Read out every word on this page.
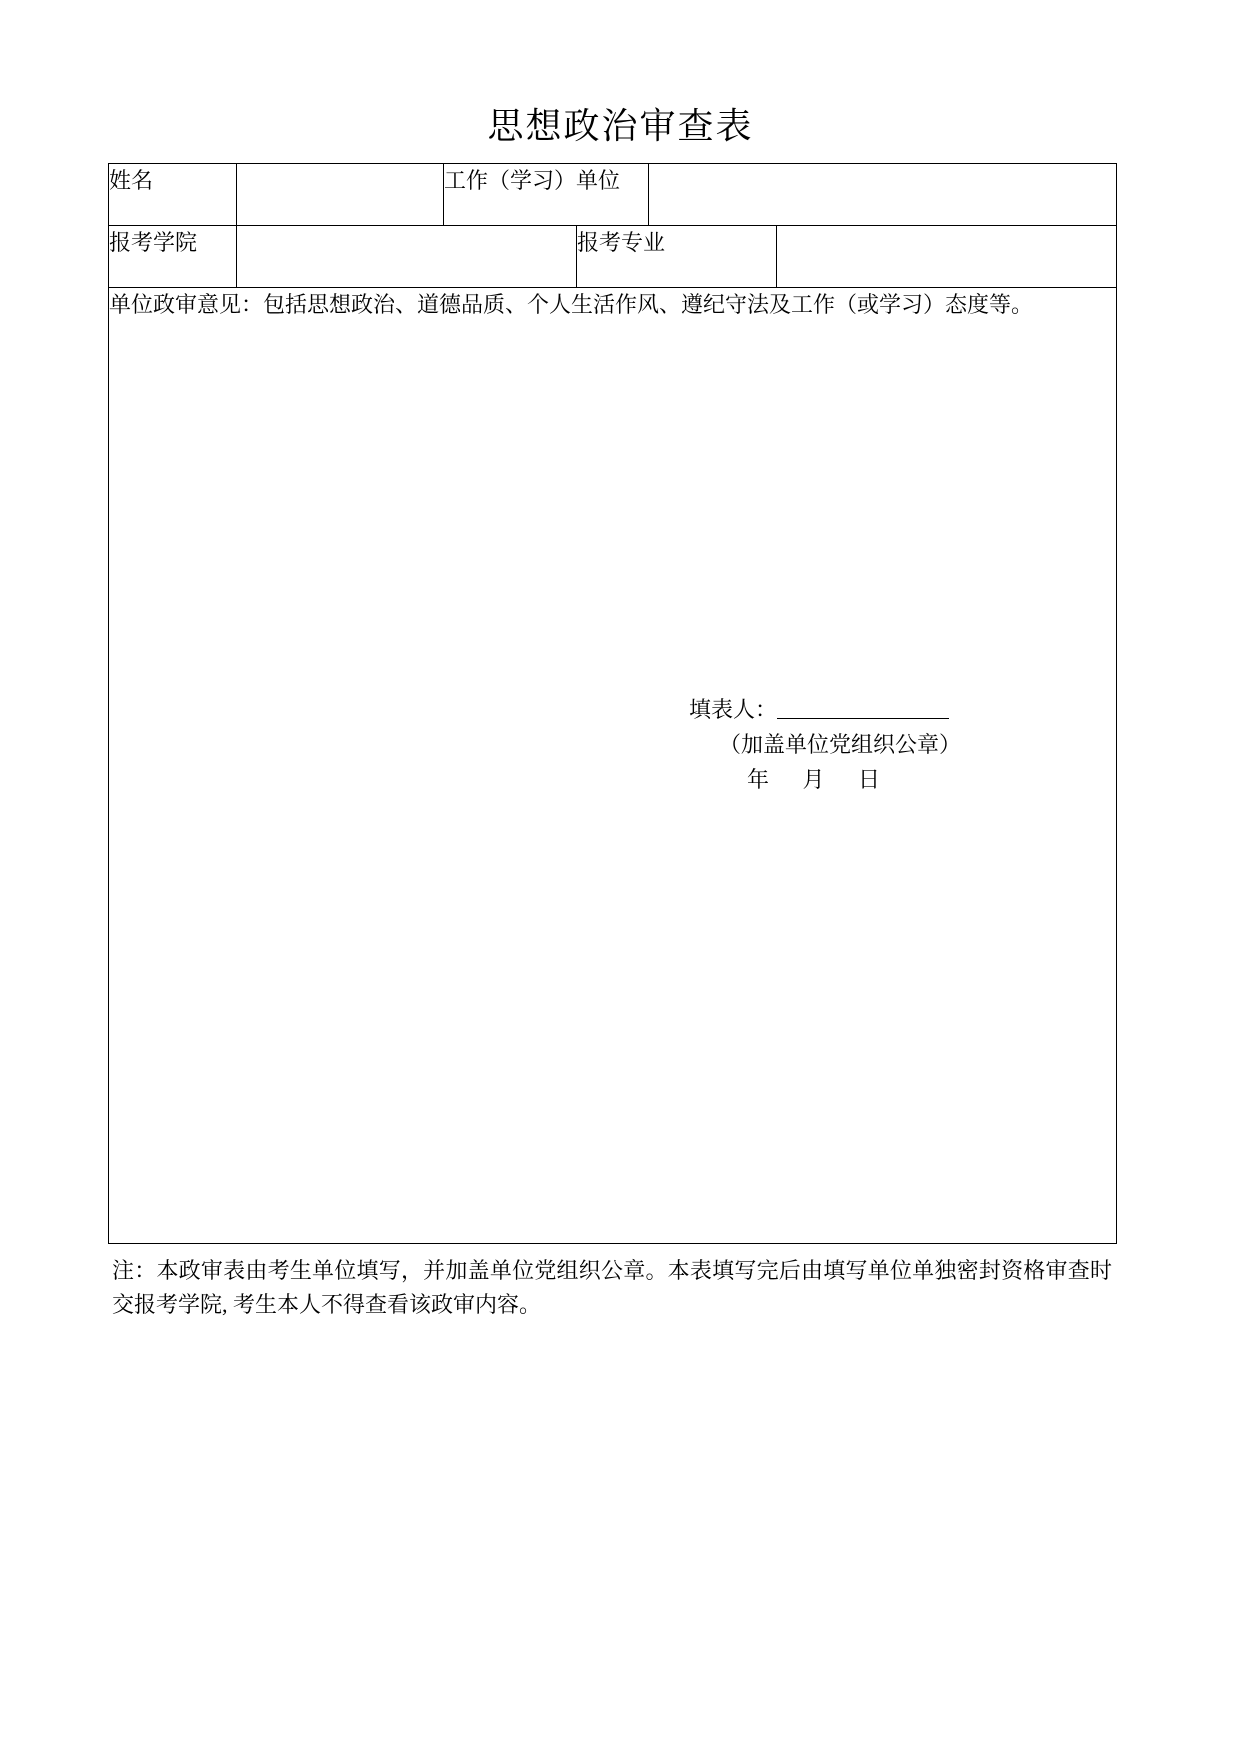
思想政治审查表
姓名		工作（学习）单位			
报考学院			报考专业		

单位政审意见：包括思想政治、道德品质、个人生活作风、遵纪守法及工作（或学习）态度等。
填表人：
（加盖单位党组织公章）
年 月 日					
注：本政审表由考生单位填写，并加盖单位党组织公章。本表填写完后由填写单位单独密封资格审查时交报考学院, 考生本人不得查看该政审内容。
